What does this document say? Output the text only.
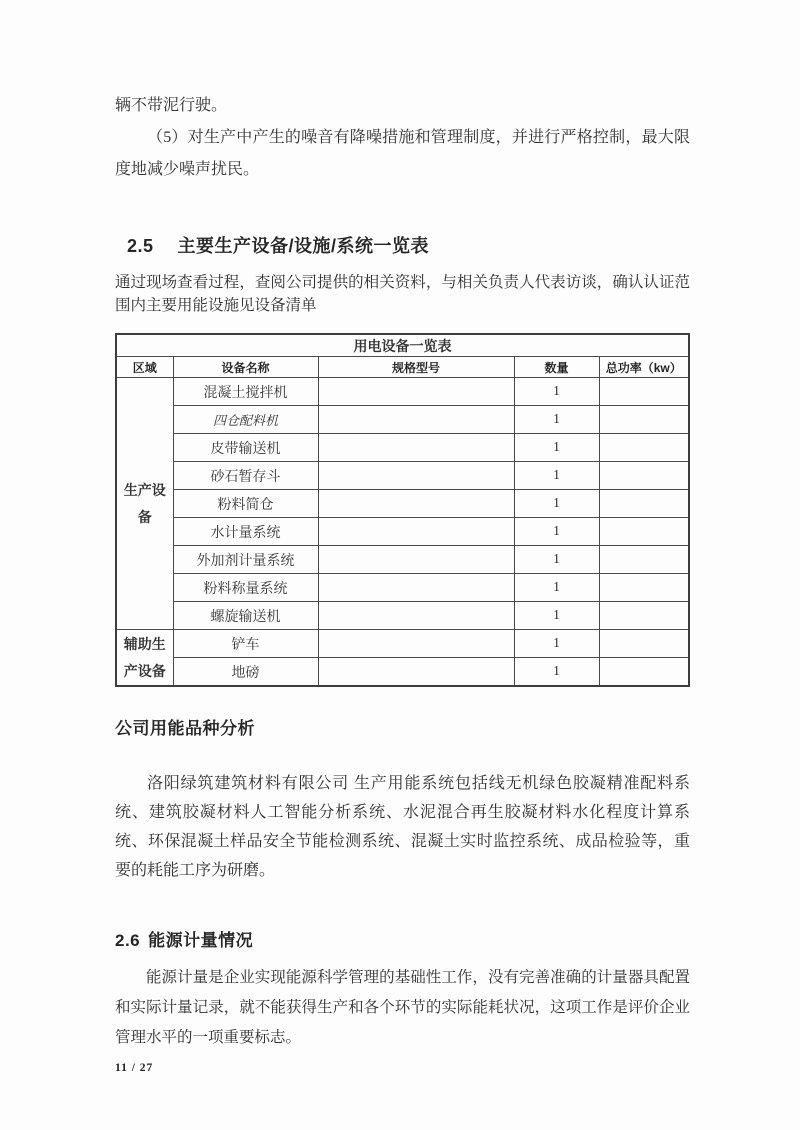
辆不带泥行驶。

（5）对生产中产生的噪音有降噪措施和管理制度，并进行严格控制，最大限度地减少噪声扰民。

2.5 主要生产设备/设施/系统一览表

通过现场查看过程，查阅公司提供的相关资料，与相关负责人代表访谈，确认认证范围内主要用能设施见设备清单

用电设备一览表				
区域	设备名称	规格型号	数量	总功率（kw）
生产设备	混凝土搅拌机		1	
	四仓配料机		1	
	皮带输送机		1	
	砂石暂存斗		1	
	粉料简仓		1	
	水计量系统		1	
	外加剂计量系统		1	
	粉料称量系统		1	
	螺旋输送机		1	
辅助生产设备	铲车		1	
	地磅		1	
公司用能品种分析

洛阳绿筑建筑材料有限公司 生产用能系统包括线无机绿色胶凝精准配料系统、建筑胶凝材料人工智能分析系统、水泥混合再生胶凝材料水化程度计算系统、环保混凝土样品安全节能检测系统、混凝土实时监控系统、成品检验等，重要的耗能工序为研磨。

2.6 能源计量情况

能源计量是企业实现能源科学管理的基础性工作，没有完善准确的计量器具配置和实际计量记录，就不能获得生产和各个环节的实际能耗状况，这项工作是评价企业管理水平的一项重要标志。

11 / 27
